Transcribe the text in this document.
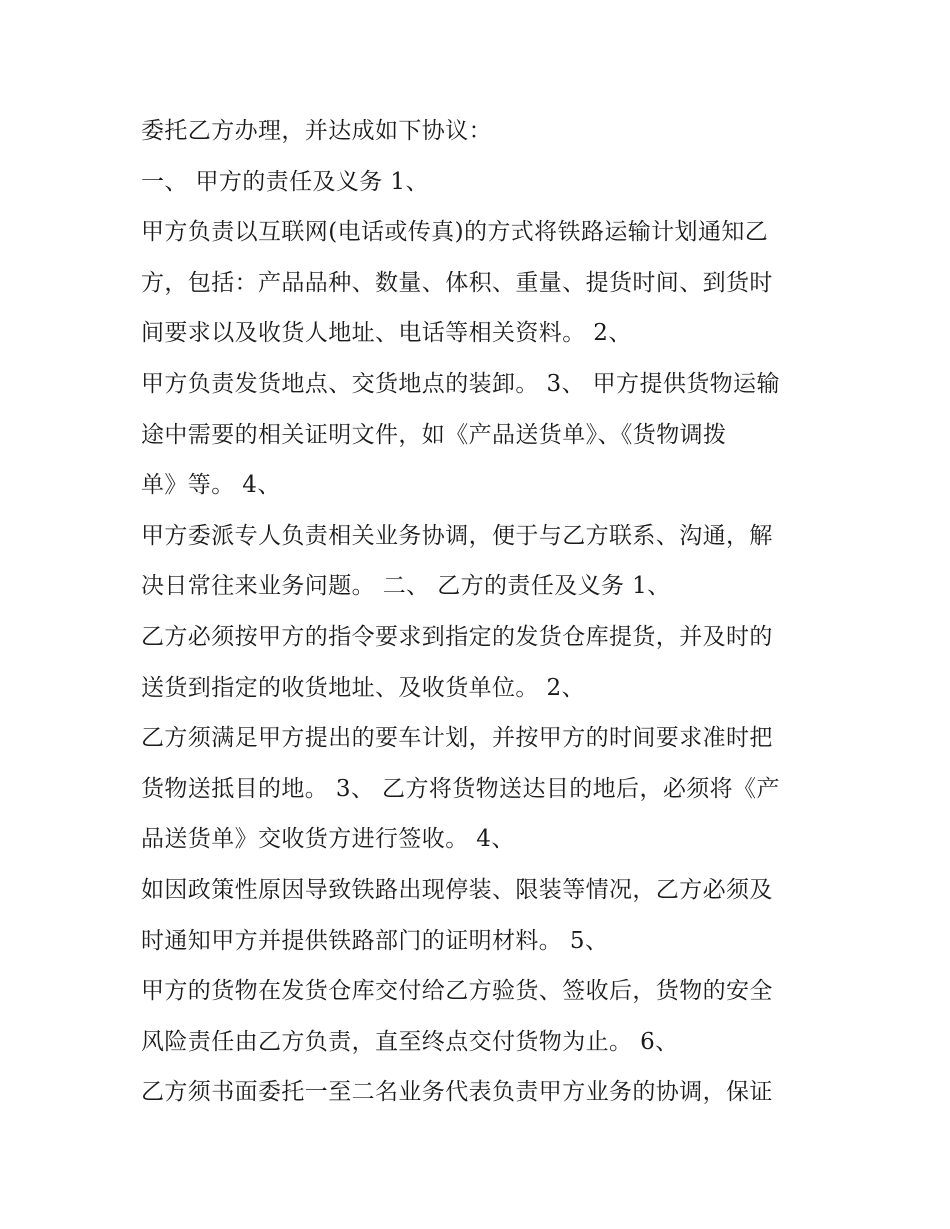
委托乙方办理，并达成如下协议：
一、 甲方的责任及义务 1、
甲方负责以互联网(电话或传真)的方式将铁路运输计划通知乙
方，包括：产品品种、数量、体积、重量、提货时间、到货时
间要求以及收货人地址、电话等相关资料。 2、
甲方负责发货地点、交货地点的装卸。 3、 甲方提供货物运输
途中需要的相关证明文件，如《产品送货单》、《货物调拨
单》等。 4、
甲方委派专人负责相关业务协调，便于与乙方联系、沟通，解
决日常往来业务问题。 二、 乙方的责任及义务 1、
乙方必须按甲方的指令要求到指定的发货仓库提货，并及时的
送货到指定的收货地址、及收货单位。 2、
乙方须满足甲方提出的要车计划，并按甲方的时间要求准时把
货物送抵目的地。 3、 乙方将货物送达目的地后，必须将《产
品送货单》交收货方进行签收。 4、
如因政策性原因导致铁路出现停装、限装等情况，乙方必须及
时通知甲方并提供铁路部门的证明材料。 5、
甲方的货物在发货仓库交付给乙方验货、签收后，货物的安全
风险责任由乙方负责，直至终点交付货物为止。 6、
乙方须书面委托一至二名业务代表负责甲方业务的协调，保证
